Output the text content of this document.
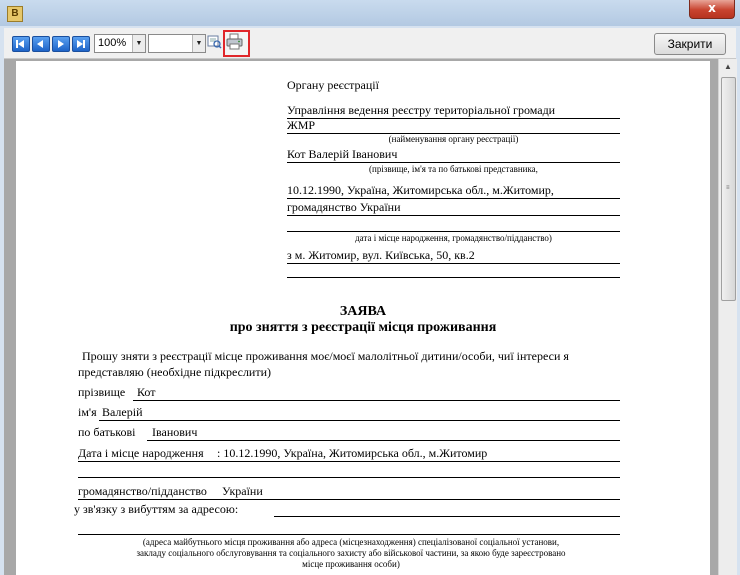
B	x
100%	▼	▼	Закрити
Органу реєстрації
Управління ведення реєстру територіальної громади
ЖМР
(найменування органу реєстрації)
Кот Валерій Іванович
(прізвище, ім'я та по батькові представника,
10.12.1990, Україна, Житомирська обл., м.Житомир,
громадянство України
дата і місце народження, громадянство/підданство)
з м. Житомир, вул. Київська, 50, кв.2
ЗАЯВА
про зняття з реєстрації місця проживання
Прошу зняти з реєстрації місце проживання моє/моєї малолітньої дитини/особи, чиї інтереси я
представляю (необхідне підкреслити)
прізвище Кот
ім'я Валерій
по батькові Іванович
Дата і місце народження : 10.12.1990, Україна, Житомирська обл., м.Житомир
громадянство/підданство України
у зв'язку з вибуттям за адресою:
(адреса майбутнього місця проживання або адреса (місцезнаходження) спеціалізованої соціальної установи,
закладу соціального обслуговування та соціального захисту або військової частини, за якою буде зареєстровано
місце проживання особи)
▲
≡
